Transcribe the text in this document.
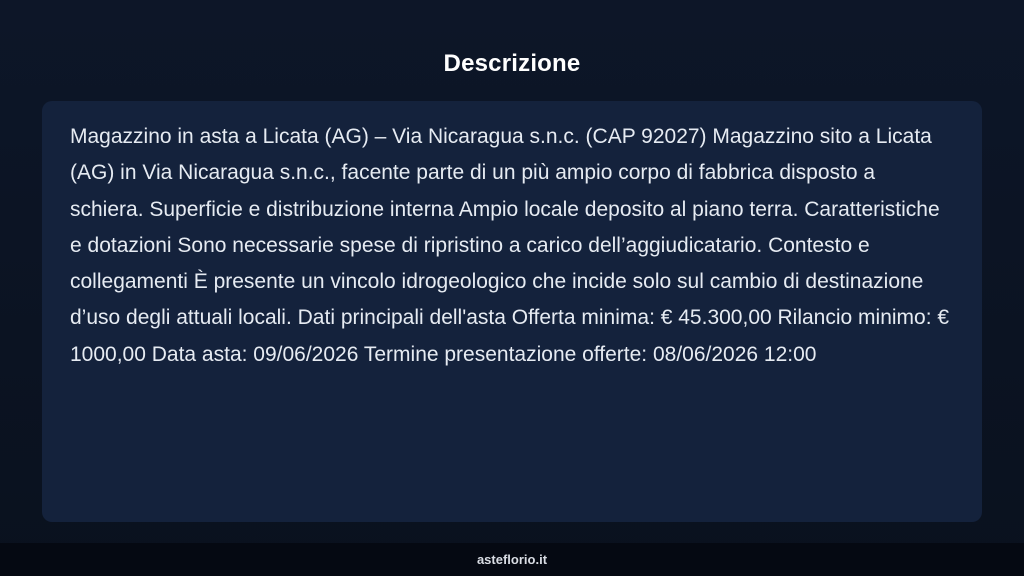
Descrizione

Magazzino in asta a Licata (AG) – Via Nicaragua s.n.c. (CAP 92027) Magazzino sito a Licata (AG) in Via Nicaragua s.n.c., facente parte di un più ampio corpo di fabbrica disposto a schiera. Superficie e distribuzione interna Ampio locale deposito al piano terra. Caratteristiche e dotazioni Sono necessarie spese di ripristino a carico dell’aggiudicatario. Contesto e collegamenti È presente un vincolo idrogeologico che incide solo sul cambio di destinazione d’uso degli attuali locali. Dati principali dell'asta Offerta minima: € 45.300,00 Rilancio minimo: € 1000,00 Data asta: 09/06/2026 Termine presentazione offerte: 08/06/2026 12:00

asteflorio.it
